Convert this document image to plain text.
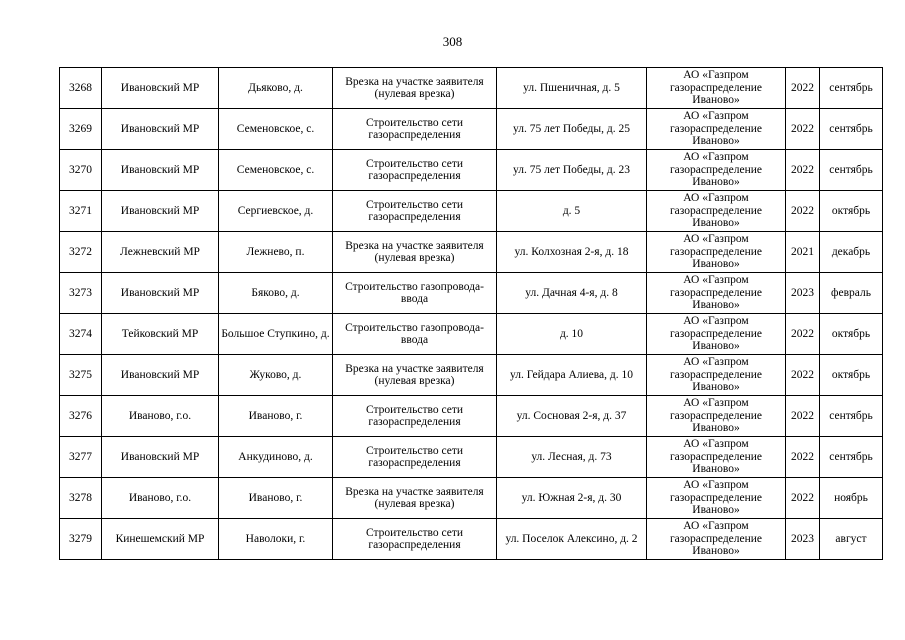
308
3268	Ивановский МР	Дьяково, д.	Врезка на участке заявителя (нулевая врезка)	ул. Пшеничная, д. 5	АО «Газпром
газораспределение
Иваново»	2022	сентябрь
3269	Ивановский МР	Семеновское, с.	Строительство сети газораспределения	ул. 75 лет Победы, д. 25	АО «Газпром
газораспределение
Иваново»	2022	сентябрь
3270	Ивановский МР	Семеновское, с.	Строительство сети газораспределения	ул. 75 лет Победы, д. 23	АО «Газпром
газораспределение
Иваново»	2022	сентябрь
3271	Ивановский МР	Сергиевское, д.	Строительство сети газораспределения	д. 5	АО «Газпром
газораспределение
Иваново»	2022	октябрь
3272	Лежневский МР	Лежнево, п.	Врезка на участке заявителя (нулевая врезка)	ул. Колхозная 2-я, д. 18	АО «Газпром
газораспределение
Иваново»	2021	декабрь
3273	Ивановский МР	Бяково, д.	Строительство газопровода-ввода	ул. Дачная 4-я, д. 8	АО «Газпром
газораспределение
Иваново»	2023	февраль
3274	Тейковский МР	Большое Ступкино, д.	Строительство газопровода-ввода	д. 10	АО «Газпром
газораспределение
Иваново»	2022	октябрь
3275	Ивановский МР	Жуково, д.	Врезка на участке заявителя (нулевая врезка)	ул. Гейдара Алиева, д. 10	АО «Газпром
газораспределение
Иваново»	2022	октябрь
3276	Иваново, г.о.	Иваново, г.	Строительство сети газораспределения	ул. Сосновая 2-я, д. 37	АО «Газпром
газораспределение
Иваново»	2022	сентябрь
3277	Ивановский МР	Анкудиново, д.	Строительство сети газораспределения	ул. Лесная, д. 73	АО «Газпром
газораспределение
Иваново»	2022	сентябрь
3278	Иваново, г.о.	Иваново, г.	Врезка на участке заявителя (нулевая врезка)	ул. Южная 2-я, д. 30	АО «Газпром
газораспределение
Иваново»	2022	ноябрь
3279	Кинешемский МР	Наволоки, г.	Строительство сети газораспределения	ул. Поселок Алексино, д. 2	АО «Газпром
газораспределение
Иваново»	2023	август
